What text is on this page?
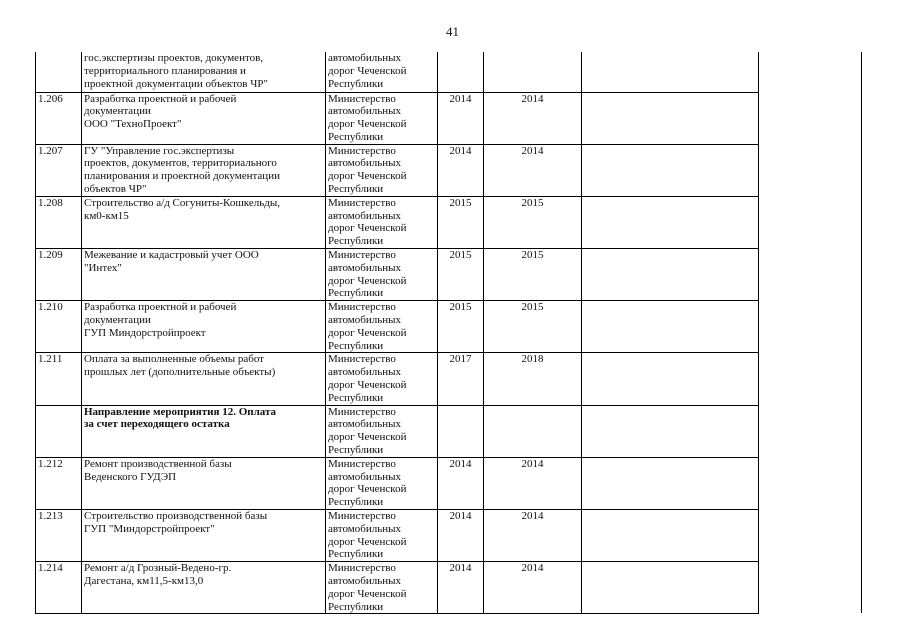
41

	гос.экспертизы проектов, документов,
территориального планирования и
проектной документации объектов ЧР"	автомобильных
дорог Чеченской
Республики			

1.206	Разработка проектной и рабочей
документации
ООО "ТехноПроект"	Министерство
автомобильных
дорог Чеченской
Республики	2014	2014	
1.207	ГУ "Управление гос.экспертизы
проектов, документов, территориального
планирования и проектной документации
объектов ЧР"	Министерство
автомобильных
дорог Чеченской
Республики	2014	2014	
1.208	Строительство а/д Согуниты-Кошкельды,
км0-км15	Министерство
автомобильных
дорог Чеченской
Республики	2015	2015	
1.209	Межевание и кадастровый учет ООО
"Интех"	Министерство
автомобильных
дорог Чеченской
Республики	2015	2015	
1.210	Разработка проектной и рабочей
документации
ГУП Миндорстройпроект	Министерство
автомобильных
дорог Чеченской
Республики	2015	2015	
1.211	Оплата за выполненные объемы работ
прошлых лет (дополнительные объекты)	Министерство
автомобильных
дорог Чеченской
Республики	2017	2018	

	Направление мероприятия 12. Оплата
за счет переходящего остатка	Министерство
автомобильных
дорог Чеченской
Республики			

1.212	Ремонт производственной базы
Веденского ГУДЭП	Министерство
автомобильных
дорог Чеченской
Республики	2014	2014	
1.213	Строительство производственной базы
ГУП "Миндорстройпроект"	Министерство
автомобильных
дорог Чеченской
Республики	2014	2014	
1.214	Ремонт а/д Грозный-Ведено-гр.
Дагестана, км11,5-км13,0	Министерство
автомобильных
дорог Чеченской
Республики	2014	2014	
